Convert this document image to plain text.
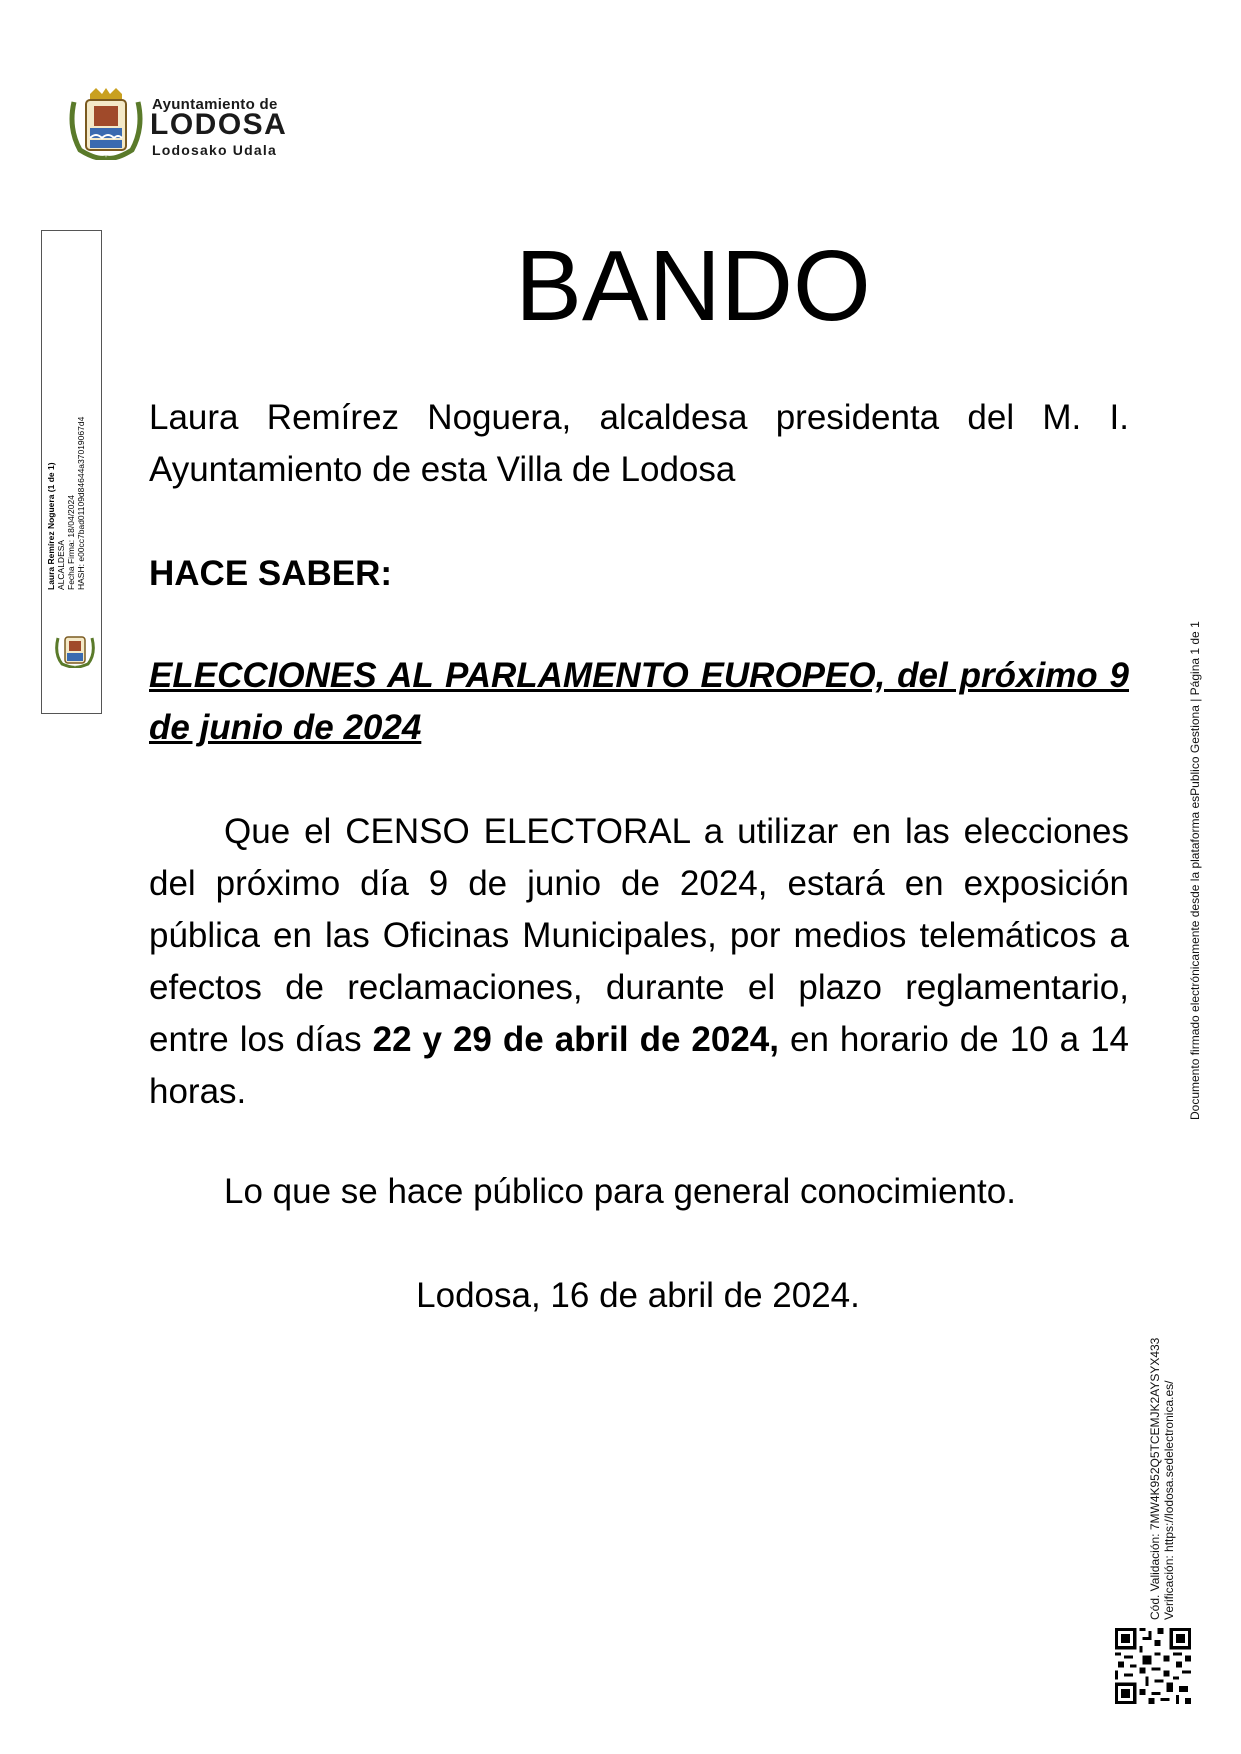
Ayuntamiento de
LODOSA
Lodosako Udala
Laura Remírez Noguera (1 de 1) ALCALDESA Fecha Firma: 18/04/2024 HASH: e00cc7bad01109d84644a37019067d4
BANDO
Laura Remírez Noguera, alcaldesa presidenta del M. I. Ayuntamiento de esta Villa de Lodosa
HACE SABER:
ELECCIONES AL PARLAMENTO EUROPEO, del próximo 9 de junio de 2024
Que el CENSO ELECTORAL a utilizar en las elecciones del próximo día 9 de junio de 2024, estará en exposición pública en las Oficinas Municipales, por medios telemáticos a efectos de reclamaciones, durante el plazo reglamentario, entre los días 22 y 29 de abril de 2024, en horario de 10 a 14 horas.
Lo que se hace público para general conocimiento.
Lodosa, 16 de abril de 2024.
Cód. Validación: 7MW4K952Q5TCEMJK2AYSYX433 Verificación: https://lodosa.sedelectronica.es/
Documento firmado electrónicamente desde la plataforma esPublico Gestiona | Página 1 de 1
